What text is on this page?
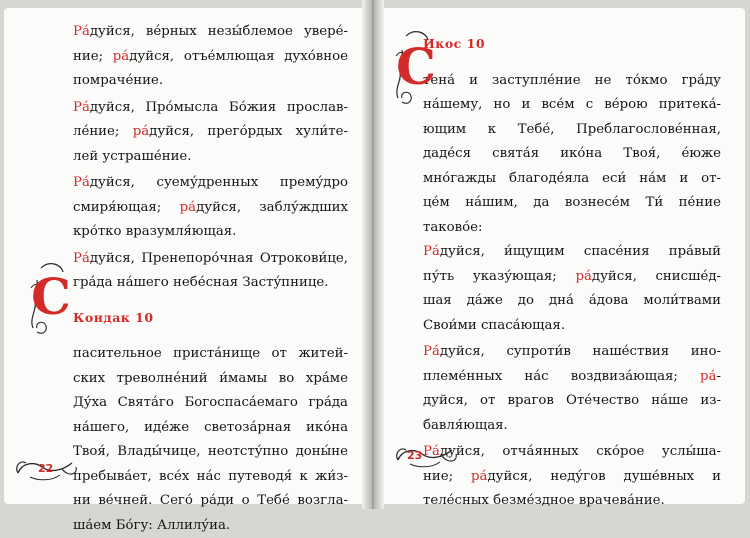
Ра́дуйся, ве́рных незы́блемое увере́-
ние; ра́дуйся, отъе́млющая духо́вное
помраче́ние.

Ра́дуйся, Про́мысла Бо́жия прослав-
ле́ние; ра́дуйся, прего́рдых хули́те-
лей устраше́ние.

Ра́дуйся, суему́дренных прему́дро
смиря́ющая; ра́дуйся, заблу́ждших
кро́тко вразумля́ющая.

Ра́дуйся, Пренепоро́чная Отрокови́це,
гра́да на́шего небе́сная Засту́пнице.

Кондак 10

пасительное приста́нище от житей-
ских треволне́ний и́мамы во хра́ме
Ду́ха Свята́го Богоспаса́емаго гра́да
на́шего, иде́же светоза́рная ико́на
Твоя́, Влады́чице, неотсту́пно доны́не
пребыва́ет, все́х на́с путеводя́ к жи́з-
ни ве́чней. Сего́ ра́ди о Тебе́ возглa-
ша́ем Бо́гу: Аллилу́иа.
С
22

Икос 10

тена́ и заступле́ние не то́кмо гра́ду
на́шему, но и все́м с ве́рою притека́-
ющим к Тебе́, Преблагослове́нная,
даде́ся свята́я ико́на Твоя́, е́юже
мно́гажды благоде́яла еси́ на́м и от-
це́м на́шим, да вознесе́м Ти́ пе́ние
таково́е:

Ра́дуйся, и́щущим спасе́ния пра́вый
пу́ть указу́ющая; ра́дуйся, снисше́д-
шая да́же до дна́ а́дова моли́твами
Свои́ми спаса́ющая.

Ра́дуйся, супроти́в наше́ствия ино-
племе́нных на́с воздвиза́ющая; ра́-
дуйся, от врагов Оте́чество на́ше из-
бавля́ющая.

Ра́дуйся, отча́янных ско́рое услы́ша-
ние; ра́дуйся, неду́гов душе́вных и
теле́сных безме́здное врачева́ние.

С
23
